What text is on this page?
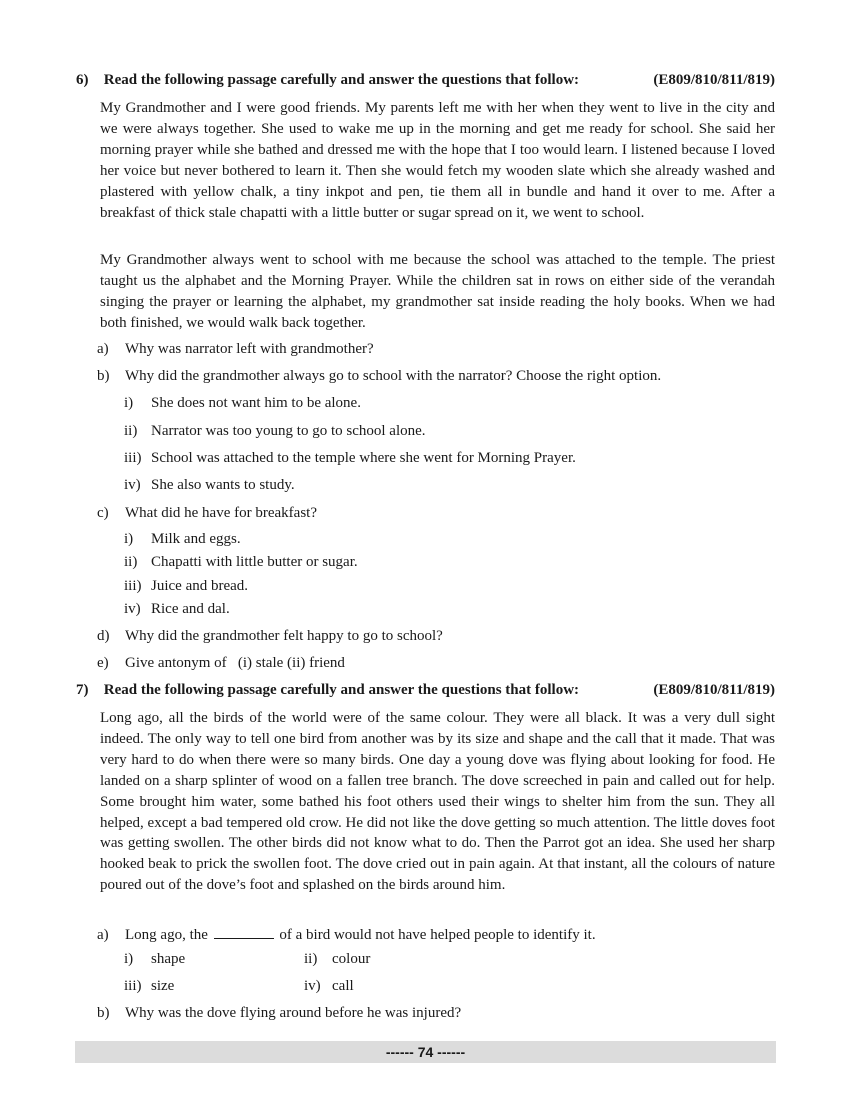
6) Read the following passage carefully and answer the questions that follow:	(E809/810/811/819)

My Grandmother and I were good friends. My parents left me with her when they went to live in the city and we were always together. She used to wake me up in the morning and get me ready for school. She said her morning prayer while she bathed and dressed me with the hope that I too would learn. I listened because I loved her voice but never bothered to learn it. Then she would fetch my wooden slate which she already washed and plastered with yellow chalk, a tiny inkpot and pen, tie them all in bundle and hand it over to me. After a breakfast of thick stale chapatti with a little butter or sugar spread on it, we went to school.

My Grandmother always went to school with me because the school was attached to the temple. The priest taught us the alphabet and the Morning Prayer. While the children sat in rows on either side of the verandah singing the prayer or learning the alphabet, my grandmother sat inside reading the holy books. When we had both finished, we would walk back together.

a) Why was narrator left with grandmother?
b) Why did the grandmother always go to school with the narrator? Choose the right option.
i) She does not want him to be alone.
ii) Narrator was too young to go to school alone.
iii) School was attached to the temple where she went for Morning Prayer.
iv) She also wants to study.
c) What did he have for breakfast?
i) Milk and eggs.
ii) Chapatti with little butter or sugar.
iii) Juice and bread.
iv) Rice and dal.
d) Why did the grandmother felt happy to go to school?
e) Give antonym of   (i) stale (ii) friend
7) Read the following passage carefully and answer the questions that follow:	(E809/810/811/819)

Long ago, all the birds of the world were of the same colour. They were all black. It was a very dull sight indeed. The only way to tell one bird from another was by its size and shape and the call that it made. That was very hard to do when there were so many birds. One day a young dove was flying about looking for food. He landed on a sharp splinter of wood on a fallen tree branch. The dove screeched in pain and called out for help. Some brought him water, some bathed his foot others used their wings to shelter him from the sun. They all helped, except a bad tempered old crow. He did not like the dove getting so much attention. The little doves foot was getting swollen. The other birds did not know what to do. Then the Parrot got an idea. She used her sharp hooked beak to prick the swollen foot. The dove cried out in pain again. At that instant, all the colours of nature poured out of the dove’s foot and splashed on the birds around him.

a) Long ago, the	of a bird would not have helped people to identify it.
i) shape	ii) colour
iii) size	iv) call
b) Why was the dove flying around before he was injured?
------ 74 ------
